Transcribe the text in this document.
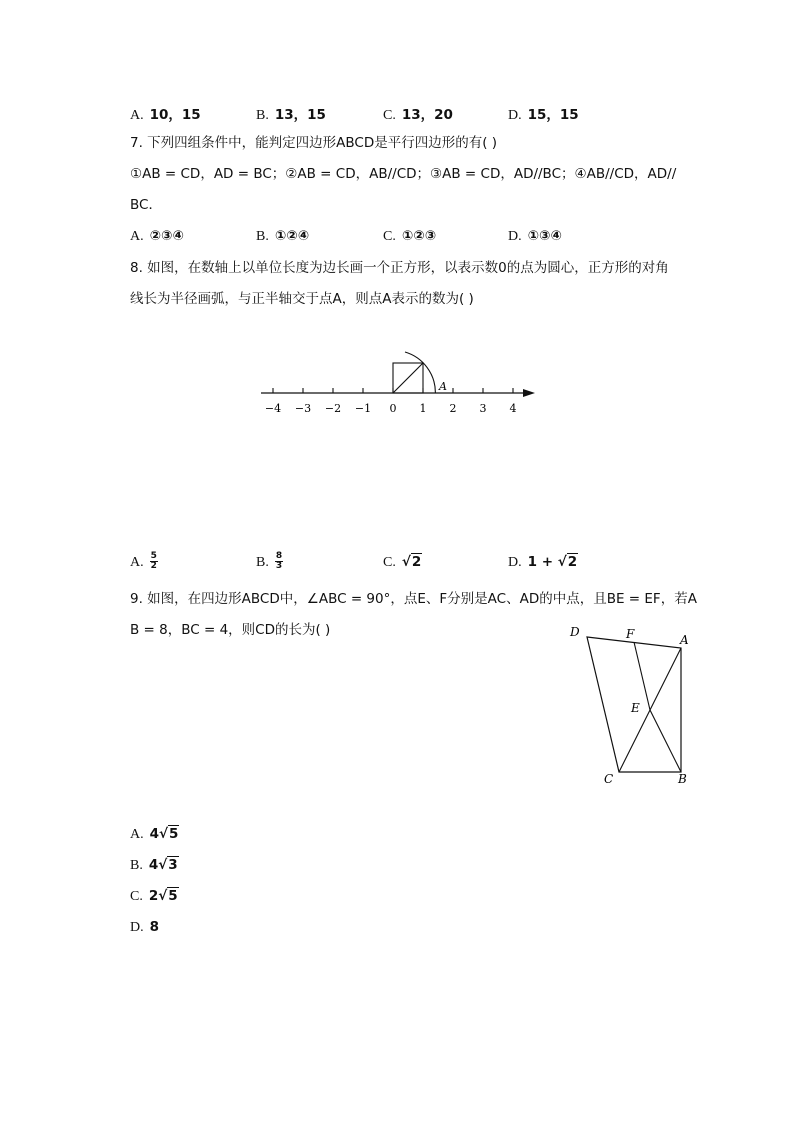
A. 10，15	B. 13，15	C. 13，20	D. 15，15
7. 下列四组条件中，能判定四边形ABCD是平行四边形的有( )
①AB = CD，AD = BC；②AB = CD，AB//CD；③AB = CD，AD//BC；④AB//CD，AD//
BC．
A. ②③④	B. ①②④	C. ①②③	D. ①③④
8. 如图，在数轴上以单位长度为边长画一个正方形，以表示数0的点为圆心，正方形的对角
线长为半径画弧，与正半轴交于点A，则点A表示的数为( )
A
−4 −3 −2 −1 0 1 2 3 4
A. $\frac{5}{2}$	B. $\frac{8}{3}$	C. √2	D. 1 + √2
9. 如图，在四边形ABCD中，∠ABC = 90°，点E、F分别是AC、AD的中点，且BE = EF，若A
B = 8，BC = 4，则CD的长为( )	D	F	A
E
C	B
A. 4√5
B. 4√3
C. 2√5
D. 8
